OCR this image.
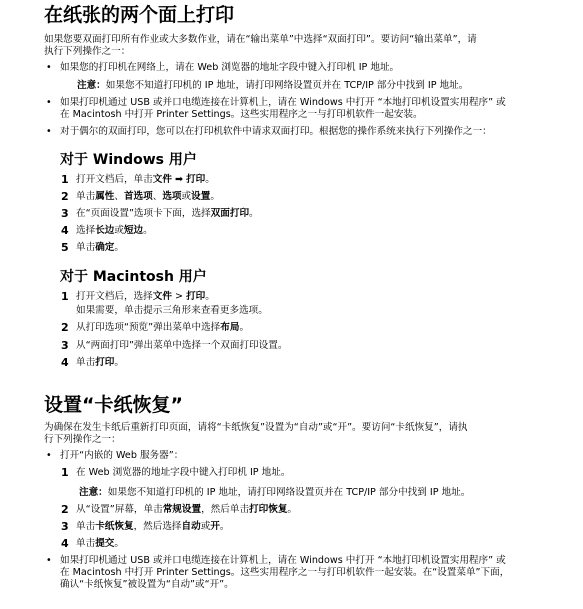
在纸张的两个面上打印
如果您要双面打印所有作业或大多数作业，请在“输出菜单”中选择“双面打印”。要访问“输出菜单”，请
执行下列操作之一：
• 如果您的打印机在网络上，请在 Web 浏览器的地址字段中键入打印机 IP 地址。
注意：如果您不知道打印机的 IP 地址，请打印网络设置页并在 TCP/IP 部分中找到 IP 地址。
• 如果打印机通过 USB 或并口电缆连接在计算机上，请在 Windows 中打开 “本地打印机设置实用程序” 或
在 Macintosh 中打开 Printer Settings。这些实用程序之一与打印机软件一起安装。
• 对于偶尔的双面打印，您可以在打印机软件中请求双面打印。根据您的操作系统来执行下列操作之一：
对于 Windows 用户
1 打开文档后，单击文件 ➡ 打印。
2 单击属性、首选项、选项或设置。
3 在“页面设置”选项卡下面，选择双面打印。
4 选择长边或短边。
5 单击确定。
对于 Macintosh 用户
1 打开文档后，选择文件 > 打印。
如果需要，单击提示三角形来查看更多选项。
2 从打印选项“预览”弹出菜单中选择布局。
3 从“两面打印”弹出菜单中选择一个双面打印设置。
4 单击打印。
设置“卡纸恢复”
为确保在发生卡纸后重新打印页面，请将“卡纸恢复”设置为“自动”或“开”。要访问“卡纸恢复”，请执
行下列操作之一：
• 打开“内嵌的 Web 服务器”：
1 在 Web 浏览器的地址字段中键入打印机 IP 地址。
注意：如果您不知道打印机的 IP 地址，请打印网络设置页并在 TCP/IP 部分中找到 IP 地址。
2 从“设置”屏幕，单击常规设置，然后单击打印恢复。
3 单击卡纸恢复，然后选择自动或开。
4 单击提交。
• 如果打印机通过 USB 或并口电缆连接在计算机上，请在 Windows 中打开 “本地打印机设置实用程序” 或
在 Macintosh 中打开 Printer Settings。这些实用程序之一与打印机软件一起安装。在“设置菜单”下面，
确认“卡纸恢复”被设置为“自动”或“开”。
